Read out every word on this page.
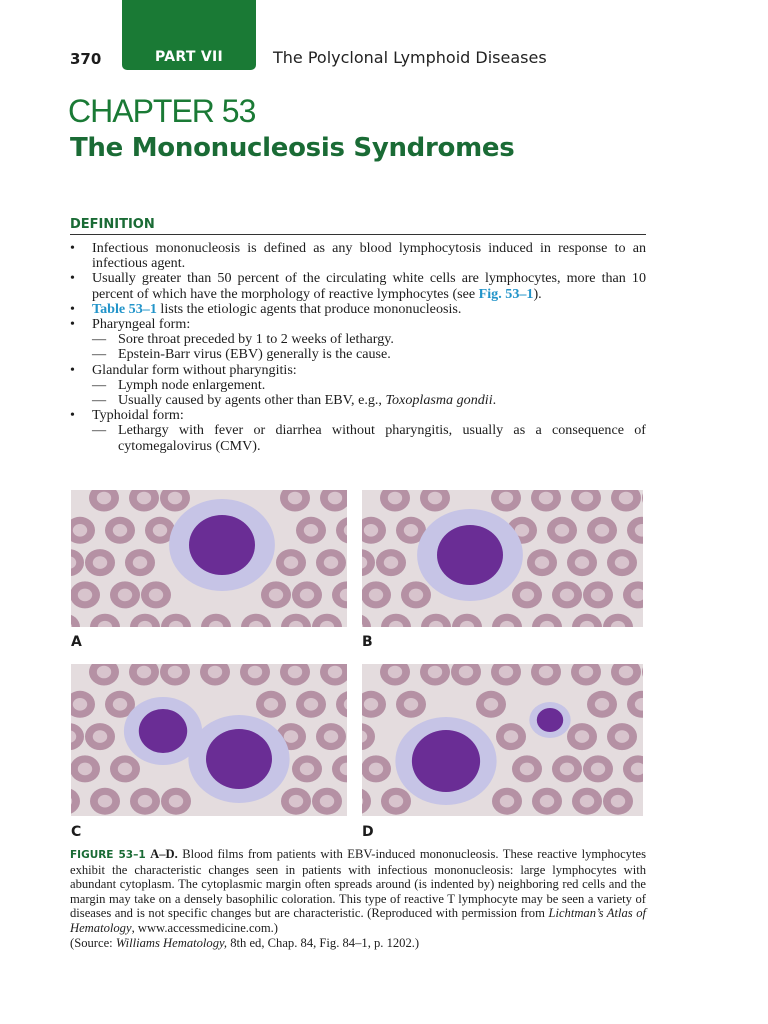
PART VII
370	The Polyclonal Lymphoid Diseases
CHAPTER 53
The Mononucleosis Syndromes
DEFINITION
• Infectious mononucleosis is defined as any blood lymphocytosis induced in response to an infectious agent.
• Usually greater than 50 percent of the circulating white cells are lymphocytes, more than 10 percent of which have the morphology of reactive lymphocytes (see Fig. 53–1).
• Table 53–1 lists the etiologic agents that produce mononucleosis.
• Pharyngeal form:
— Sore throat preceded by 1 to 2 weeks of lethargy.
— Epstein-Barr virus (EBV) generally is the cause.
• Glandular form without pharyngitis:
— Lymph node enlargement.
— Usually caused by agents other than EBV, e.g., Toxoplasma gondii.
• Typhoidal form:
— Lethargy with fever or diarrhea without pharyngitis, usually as a consequence of cytomegalovirus (CMV).
A	B
C	D
FIGURE 53–1 A–D. Blood films from patients with EBV-induced mononucleosis. These reactive lymphocytes exhibit the characteristic changes seen in patients with infectious mononucleosis: large lymphocytes with abundant cytoplasm. The cytoplasmic margin often spreads around (is indented by) neighboring red cells and the margin may take on a densely basophilic coloration. This type of reactive T lymphocyte may be seen a variety of diseases and is not specific changes but are characteristic. (Reproduced with permission from Lichtman’s Atlas of Hematology, www.accessmedicine.com.)
(Source: Williams Hematology, 8th ed, Chap. 84, Fig. 84–1, p. 1202.)
